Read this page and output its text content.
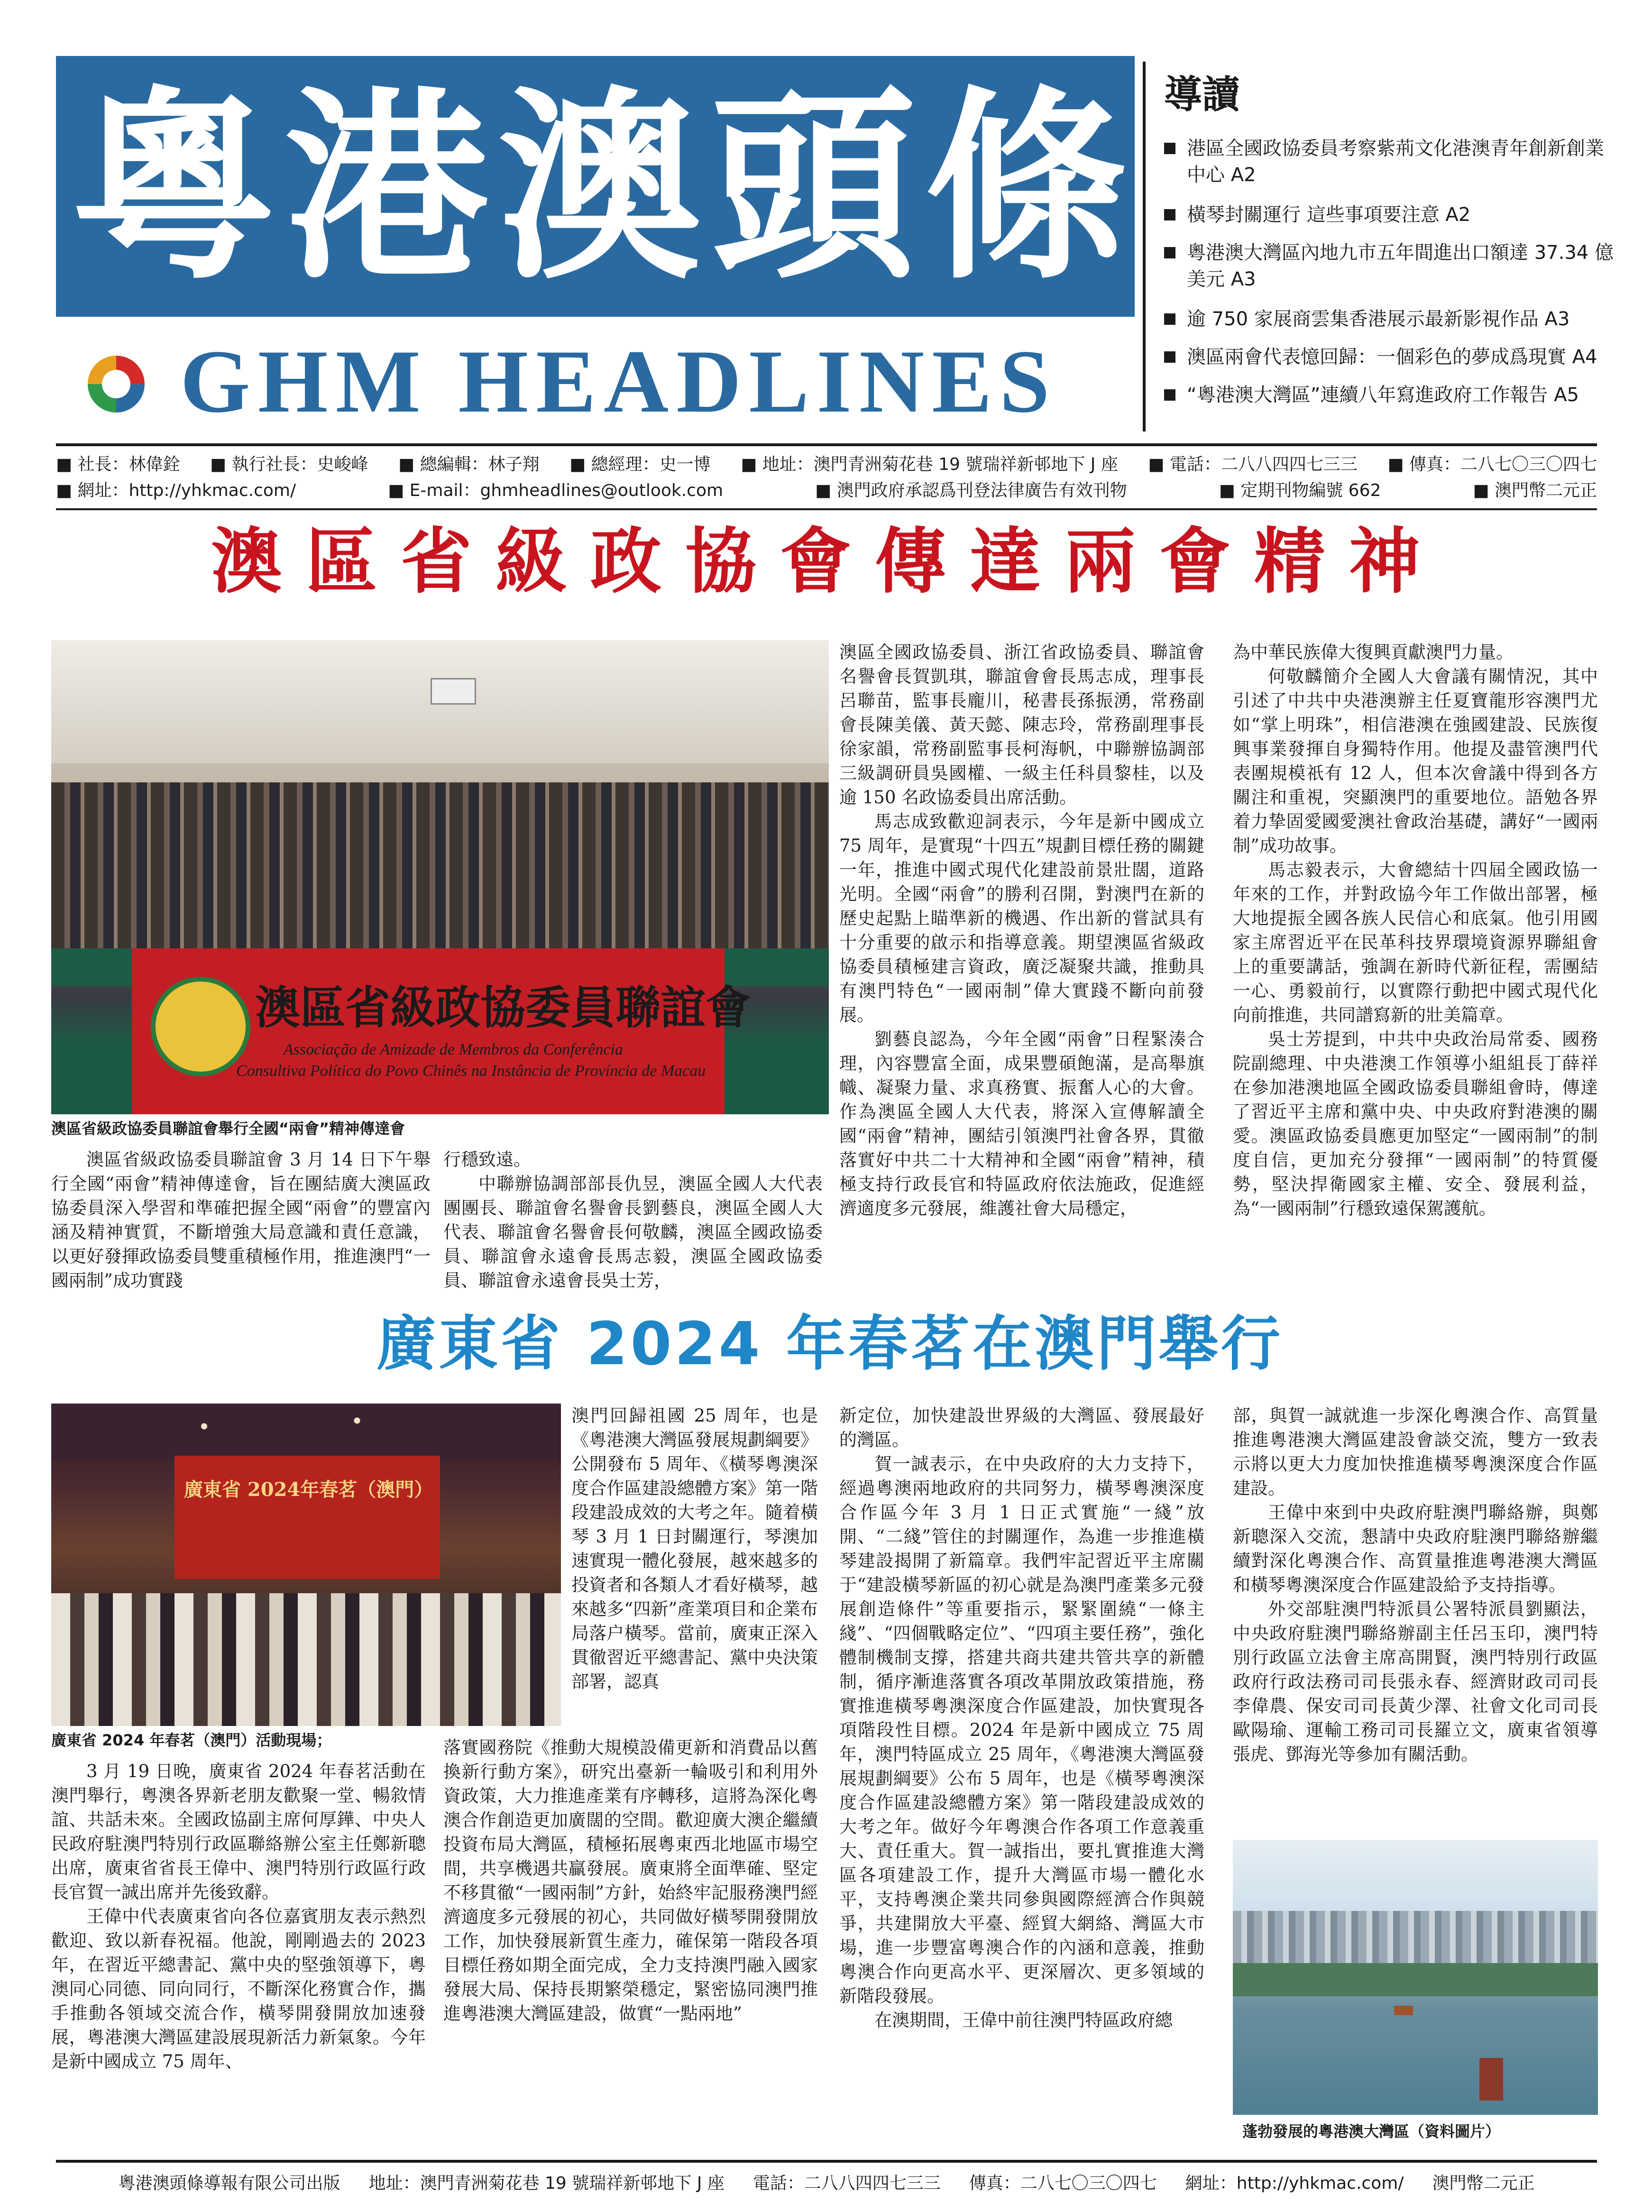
粵港澳頭條
GHM HEADLINES
導讀
港區全國政協委員考察紫荊文化港澳青年創新創業中心 A2
橫琴封關運行 這些事項要注意 A2
粵港澳大灣區內地九市五年間進出口額達 37.34 億美元 A3
逾 750 家展商雲集香港展示最新影視作品 A3
澳區兩會代表憶回歸：一個彩色的夢成爲現實 A4
“粵港澳大灣區”連續八年寫進政府工作報告 A5
■ 社長：林偉銓	■ 執行社長：史峻峰	■ 總編輯：林子翔	■ 總經理：史一博	■ 地址：澳門青洲菊花巷 19 號瑞祥新邨地下 J 座	■ 電話：二八八四四七三三	■ 傳真：二八七〇三〇四七
■ 網址：http://yhkmac.com/	■ E-mail：ghmheadlines@outlook.com	■ 澳門政府承認爲刊登法律廣告有效刊物	■ 定期刊物編號 662	■ 澳門幣二元正
澳區省級政協會傳達兩會精神
澳區省級政協委員聯誼會
Associação de Amizade de Membros da Conferência
Consultiva Política do Povo Chinês na Instância de Província de Macau
澳區省級政協委員聯誼會舉行全國“兩會”精神傳達會

澳區省級政協委員聯誼會 3 月 14 日下午舉行全國“兩會”精神傳達會，旨在團結廣大澳區政協委員深入學習和準確把握全國“兩會”的豐富內涵及精神實質，不斷增強大局意識和責任意識，以更好發揮政協委員雙重積極作用，推進澳門“一國兩制”成功實踐

行穩致遠。

中聯辦協調部部長仇昱，澳區全國人大代表團團長、聯誼會名譽會長劉藝良，澳區全國人大代表、聯誼會名譽會長何敬麟，澳區全國政協委員、聯誼會永遠會長馬志毅，澳區全國政協委員、聯誼會永遠會長吳士芳，

澳區全國政協委員、浙江省政協委員、聯誼會名譽會長賀凱琪，聯誼會會長馬志成，理事長呂聯苗，監事長龐川，秘書長孫振湧，常務副會長陳美儀、黃天懿、陳志玲，常務副理事長徐家韻，常務副監事長柯海帆，中聯辦協調部三級調研員吳國權、一級主任科員黎桂，以及逾 150 名政協委員出席活動。

馬志成致歡迎詞表示，今年是新中國成立 75 周年，是實現“十四五”規劃目標任務的關鍵一年，推進中國式現代化建設前景壯闊，道路光明。全國“兩會”的勝利召開，對澳門在新的歷史起點上瞄準新的機遇、作出新的嘗試具有十分重要的啟示和指導意義。期望澳區省級政協委員積極建言資政，廣泛凝聚共識，推動具有澳門特色“一國兩制”偉大實踐不斷向前發展。

劉藝良認為，今年全國“兩會”日程緊湊合理，內容豐富全面，成果豐碩飽滿，是高舉旗幟、凝聚力量、求真務實、振奮人心的大會。作為澳區全國人大代表，將深入宣傳解讀全國“兩會”精神，團結引領澳門社會各界，貫徹落實好中共二十大精神和全國“兩會”精神，積極支持行政長官和特區政府依法施政，促進經濟適度多元發展，維護社會大局穩定，

為中華民族偉大復興貢獻澳門力量。

何敬麟簡介全國人大會議有關情況，其中引述了中共中央港澳辦主任夏寶龍形容澳門尤如“掌上明珠”，相信港澳在強國建設、民族復興事業發揮自身獨特作用。他提及盡管澳門代表團規模祇有 12 人，但本次會議中得到各方關注和重視，突顯澳門的重要地位。語勉各界着力挚固愛國愛澳社會政治基礎，講好“一國兩制”成功故事。

馬志毅表示，大會總結十四屆全國政協一年來的工作，并對政協今年工作做出部署，極大地提振全國各族人民信心和底氣。他引用國家主席習近平在民革科技界環境資源界聯組會上的重要講話，強調在新時代新征程，需團結一心、勇毅前行，以實際行動把中國式現代化向前推進，共同譜寫新的壯美篇章。

吳士芳提到，中共中央政治局常委、國務院副總理、中央港澳工作領導小組組長丁薛祥在參加港澳地區全國政協委員聯組會時，傳達了習近平主席和黨中央、中央政府對港澳的關愛。澳區政協委員應更加堅定“一國兩制”的制度自信，更加充分發揮“一國兩制”的特質優勢，堅決捍衛國家主權、安全、發展利益，為“一國兩制”行穩致遠保駕護航。

廣東省 2024 年春茗在澳門舉行
廣東省 2024年春茗（澳門）
廣東省 2024 年春茗（澳門）活動現場；

澳門回歸祖國 25 周年，也是《粵港澳大灣區發展規劃綱要》公開發布 5 周年、《橫琴粵澳深度合作區建設總體方案》第一階段建設成效的大考之年。隨着橫琴 3 月 1 日封關運行，琴澳加速實現一體化發展，越來越多的投資者和各類人才看好橫琴，越來越多“四新”產業項目和企業布局落户橫琴。當前，廣東正深入貫徹習近平總書記、黨中央決策部署，認真

3 月 19 日晚，廣東省 2024 年春茗活動在澳門舉行，粵澳各界新老朋友歡聚一堂、暢敘情誼、共話未來。全國政協副主席何厚鏵、中央人民政府駐澳門特別行政區聯絡辦公室主任鄭新聰出席，廣東省省長王偉中、澳門特別行政區行政長官賀一誠出席并先後致辭。

王偉中代表廣東省向各位嘉賓朋友表示熱烈歡迎、致以新春祝福。他說，剛剛過去的 2023 年，在習近平總書記、黨中央的堅強領導下，粵澳同心同德、同向同行，不斷深化務實合作，攜手推動各領域交流合作，橫琴開發開放加速發展，粵港澳大灣區建設展現新活力新氣象。今年是新中國成立 75 周年、

落實國務院《推動大規模設備更新和消費品以舊換新行動方案》，研究出臺新一輪吸引和利用外資政策，大力推進產業有序轉移，這將為深化粵澳合作創造更加廣闊的空間。歡迎廣大澳企繼續投資布局大灣區，積極拓展粵東西北地區市場空間，共享機遇共贏發展。廣東將全面準確、堅定不移貫徹“一國兩制”方針，始終牢記服務澳門經濟適度多元發展的初心，共同做好橫琴開發開放工作，加快發展新質生產力，確保第一階段各項目標任務如期全面完成，全力支持澳門融入國家發展大局、保持長期繁榮穩定，緊密協同澳門推進粵港澳大灣區建設，做實“一點兩地”

新定位，加快建設世界級的大灣區、發展最好的灣區。

賀一誠表示，在中央政府的大力支持下，經過粵澳兩地政府的共同努力，橫琴粵澳深度合作區今年 3 月 1 日正式實施“一綫”放開、“二綫”管住的封關運作，為進一步推進橫琴建設揭開了新篇章。我們牢記習近平主席關于“建設橫琴新區的初心就是為澳門產業多元發展創造條件”等重要指示，緊緊圍繞“一條主綫”、“四個戰略定位”、“四項主要任務”，強化體制機制支撐，搭建共商共建共管共享的新體制，循序漸進落實各項改革開放政策措施，務實推進橫琴粵澳深度合作區建設，加快實現各項階段性目標。2024 年是新中國成立 75 周年，澳門特區成立 25 周年，《粵港澳大灣區發展規劃綱要》公布 5 周年，也是《橫琴粵澳深度合作區建設總體方案》第一階段建設成效的大考之年。做好今年粵澳合作各項工作意義重大、責任重大。賀一誠指出，要扎實推進大灣區各項建設工作，提升大灣區市場一體化水平，支持粵澳企業共同參與國際經濟合作與競爭，共建開放大平臺、經貿大網絡、灣區大市場，進一步豐富粵澳合作的內涵和意義，推動粵澳合作向更高水平、更深層次、更多領域的新階段發展。

在澳期間，王偉中前往澳門特區政府總

部，與賀一誠就進一步深化粵澳合作、高質量推進粵港澳大灣區建設會談交流，雙方一致表示將以更大力度加快推進橫琴粵澳深度合作區建設。

王偉中來到中央政府駐澳門聯絡辦，與鄭新聰深入交流，懇請中央政府駐澳門聯絡辦繼續對深化粵澳合作、高質量推進粵港澳大灣區和橫琴粵澳深度合作區建設給予支持指導。

外交部駐澳門特派員公署特派員劉顯法，中央政府駐澳門聯絡辦副主任呂玉印，澳門特別行政區立法會主席高開賢，澳門特別行政區政府行政法務司司長張永春、經濟財政司司長李偉農、保安司司長黃少澤、社會文化司司長歐陽瑜、運輸工務司司長羅立文，廣東省領導張虎、鄧海光等參加有關活動。

蓬勃發展的粵港澳大灣區（資料圖片）
粵港澳頭條導報有限公司出版 地址：澳門青洲菊花巷 19 號瑞祥新邨地下 J 座 電話：二八八四四七三三 傳真：二八七〇三〇四七 網址：http://yhkmac.com/ 澳門幣二元正
